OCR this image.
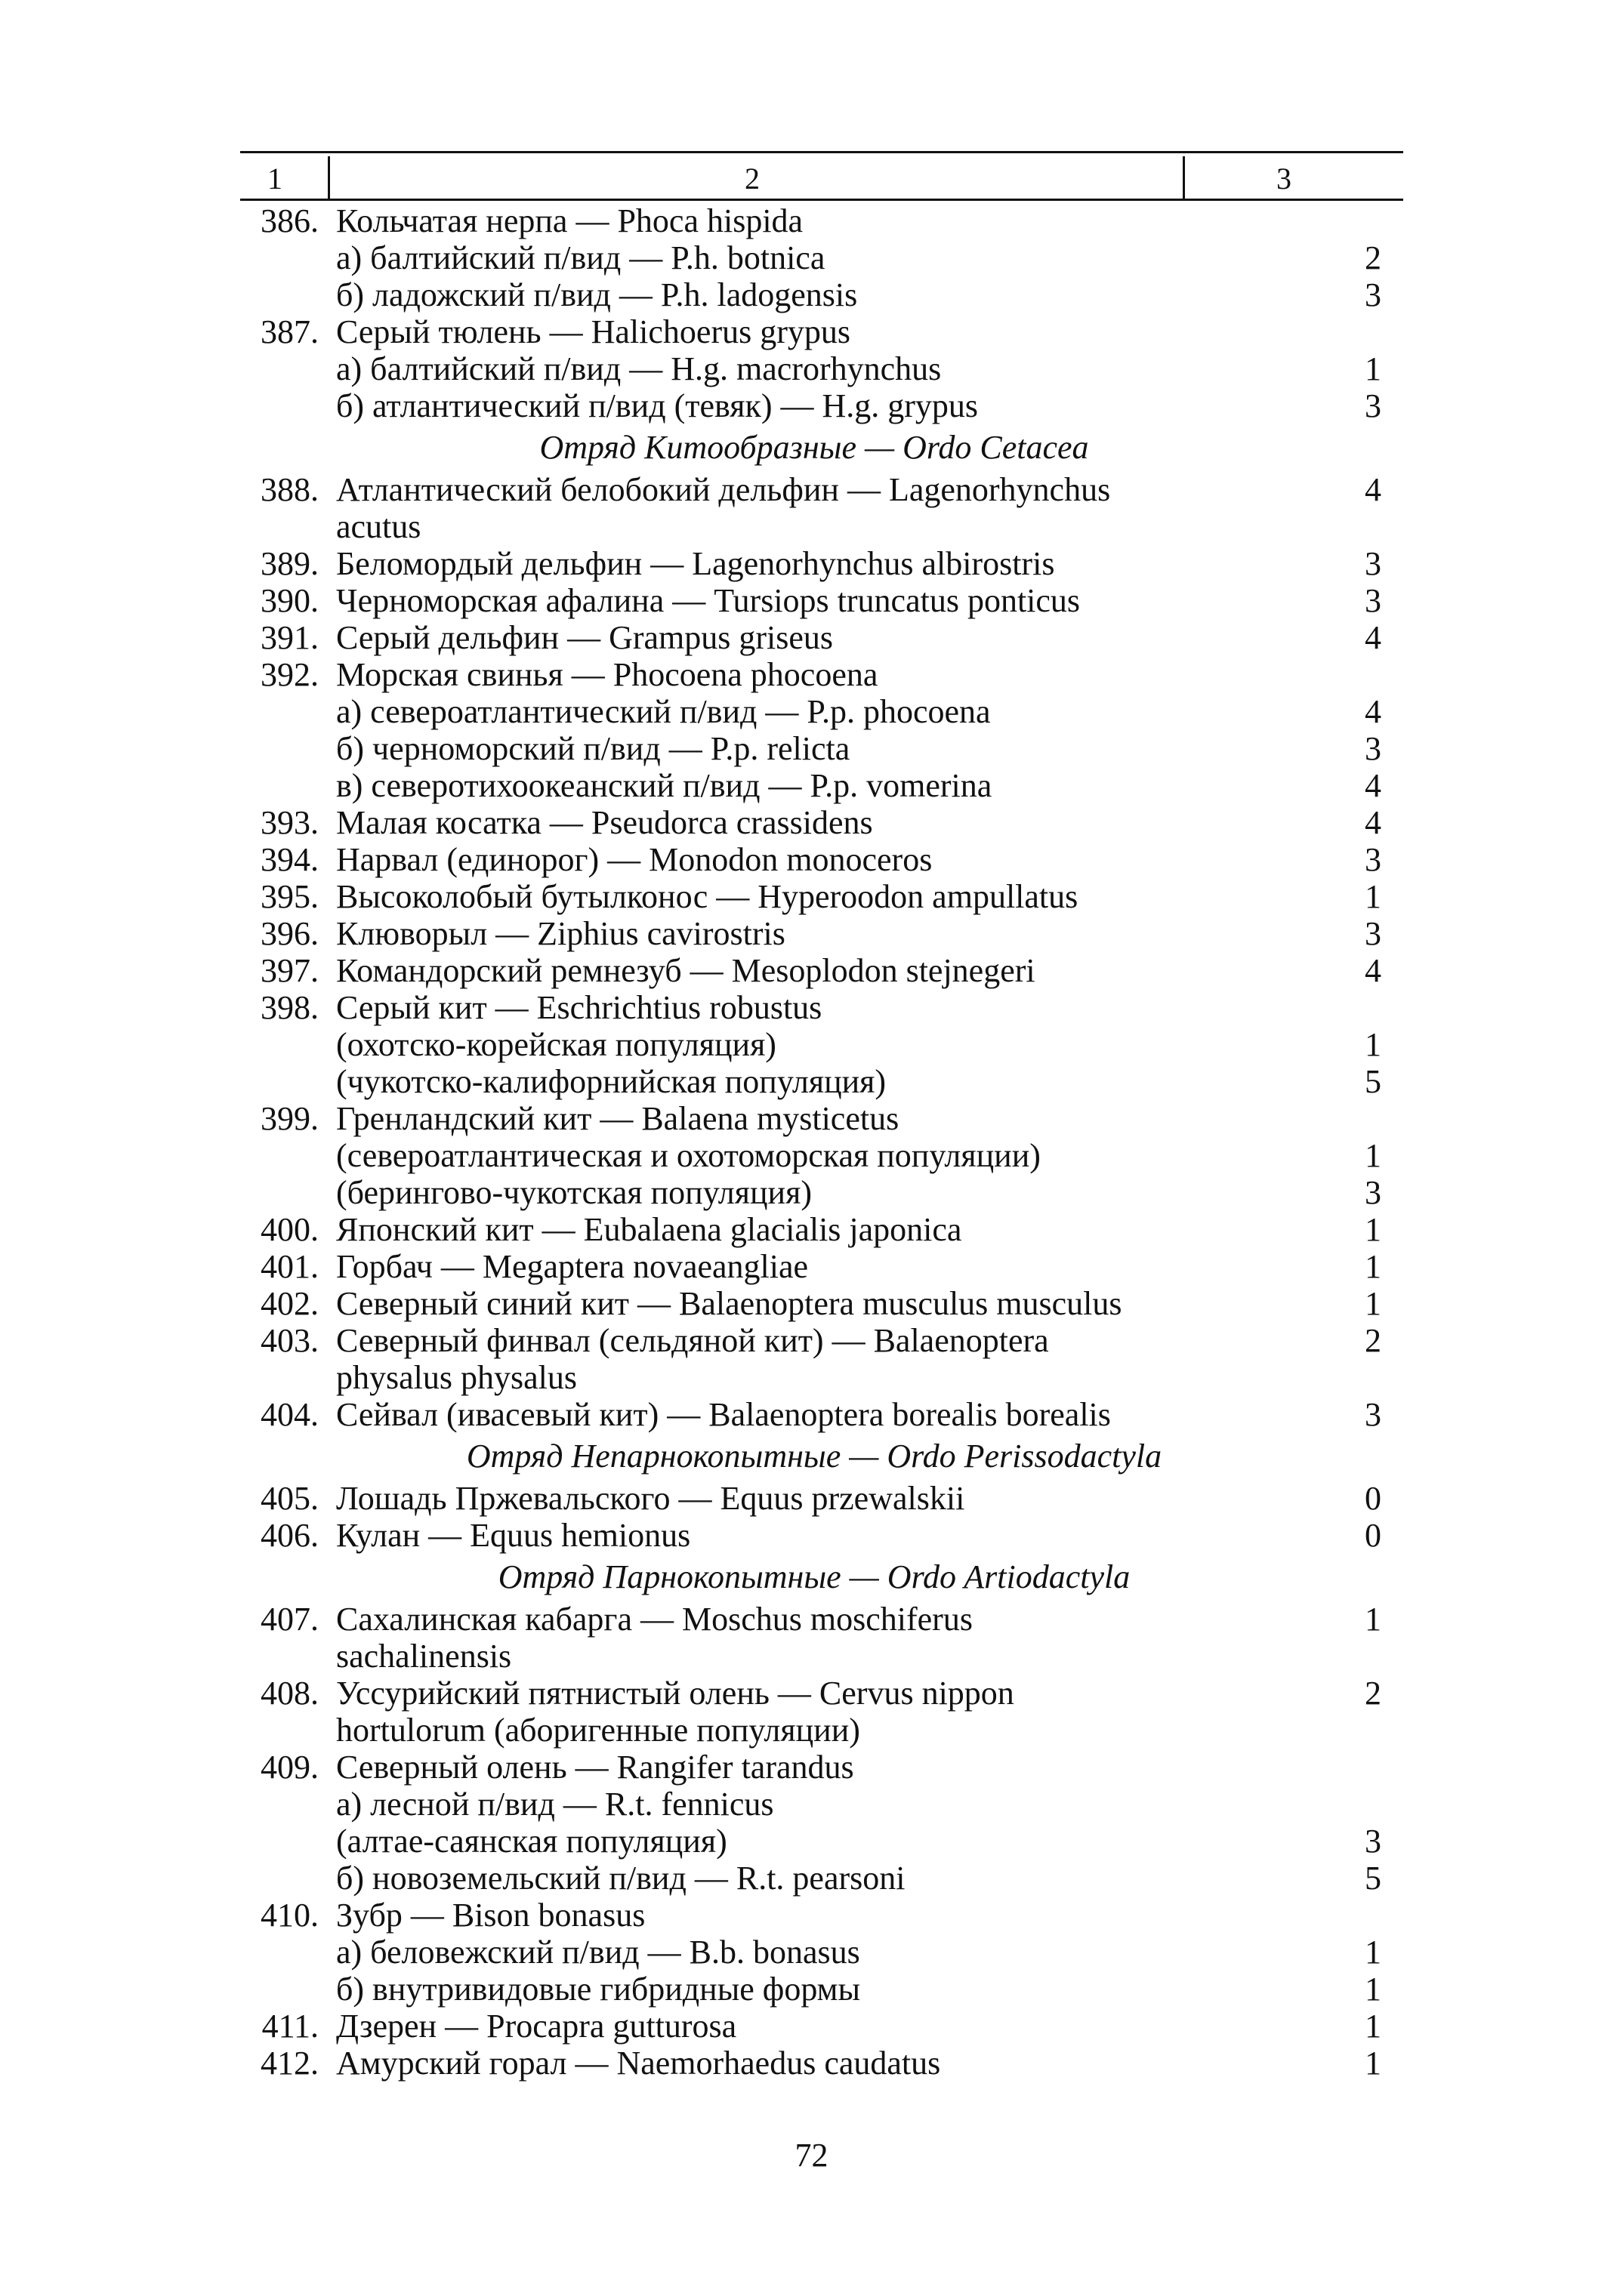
1	2	3
386. Кольчатая нерпа — Phoca hispida
а) балтийский п/вид — P.h. botnica	2
б) ладожский п/вид — P.h. ladogensis	3
387. Серый тюлень — Halichoerus grypus
а) балтийский п/вид — H.g. macrorhynchus	1
б) атлантический п/вид (тевяк) — H.g. grypus	3
Отряд Китообразные — Ordo Cetacea
388. Атлантический белобокий дельфин — Lagenorhynchus	4
acutus
389. Беломордый дельфин — Lagenorhynchus albirostris	3
390. Черноморская афалина — Tursiops truncatus ponticus	3
391. Серый дельфин — Grampus griseus	4
392. Морская свинья — Phocoena phocoena
а) североатлантический п/вид — P.p. phocoena	4
б) черноморский п/вид — P.p. relicta	3
в) северотихоокеанский п/вид — P.p. vomerina	4
393. Малая косатка — Pseudorca crassidens	4
394. Нарвал (единорог) — Monodon monoceros	3
395. Высоколобый бутылконос — Hyperoodon ampullatus	1
396. Клюворыл — Ziphius cavirostris	3
397. Командорский ремнезуб — Mesoplodon stejnegeri	4
398. Серый кит — Eschrichtius robustus
(охотско-корейская популяция)	1
(чукотско-калифорнийская популяция)	5
399. Гренландский кит — Balaena mysticetus
(североатлантическая и охотоморская популяции)	1
(берингово-чукотская популяция)	3
400. Японский кит — Eubalaena glacialis japonica	1
401. Горбач — Megaptera novaeangliae	1
402. Северный синий кит — Balaenoptera musculus musculus	1
403. Северный финвал (сельдяной кит) — Balaenoptera	2
physalus physalus
404. Сейвал (ивасевый кит) — Balaenoptera borealis borealis	3
Отряд Непарнокопытные — Ordo Perissodactyla
405. Лошадь Пржевальского — Equus przewalskii	0
406. Кулан — Equus hemionus	0
Отряд Парнокопытные — Ordo Artiodactyla
407. Сахалинская кабарга — Moschus moschiferus	1
sachalinensis
408. Уссурийский пятнистый олень — Cervus nippon	2
hortulorum (аборигенные популяции)
409. Северный олень — Rangifer tarandus
а) лесной п/вид — R.t. fennicus
(алтае-саянская популяция)	3
б) новоземельский п/вид — R.t. pearsoni	5
410. Зубр — Bison bonasus
а) беловежский п/вид — B.b. bonasus	1
б) внутривидовые гибридные формы	1
411. Дзерен — Procapra gutturosa	1
412. Амурский горал — Naemorhaedus caudatus	1
72
